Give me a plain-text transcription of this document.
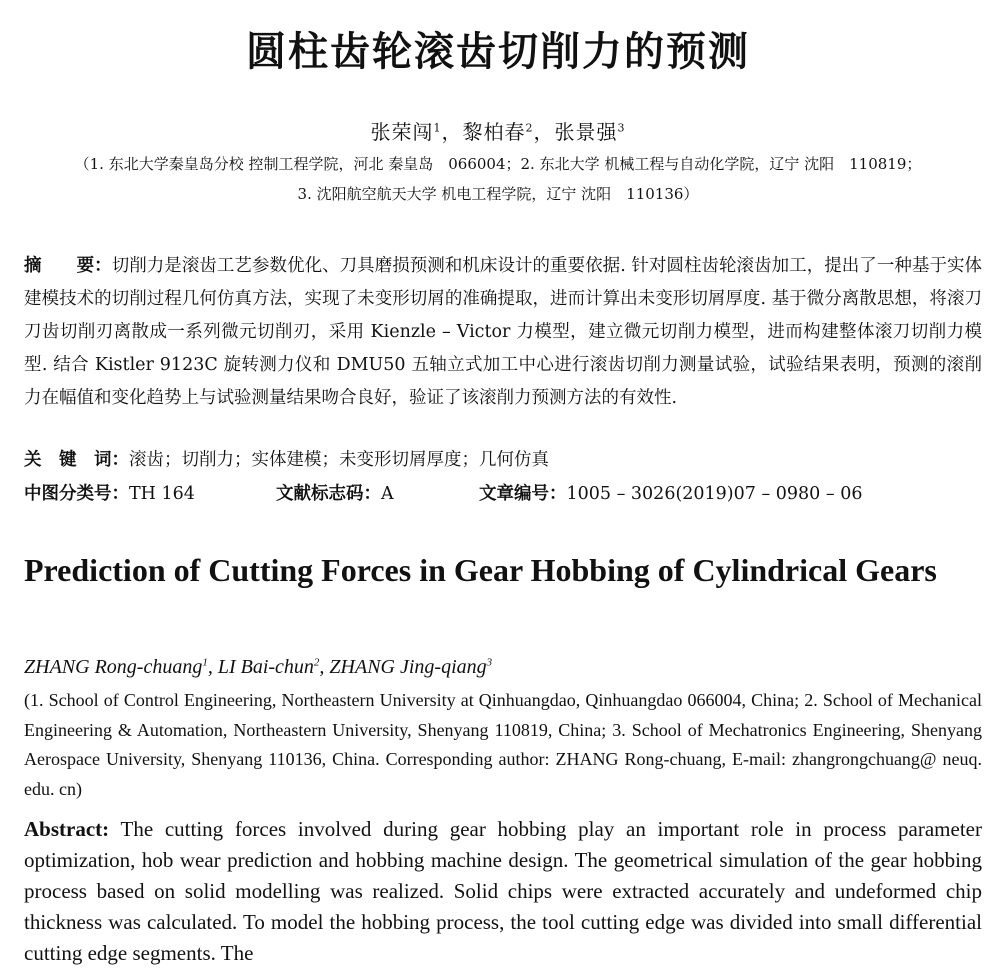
圆柱齿轮滚齿切削力的预测
张荣闯$^1$，黎柏春$^2$，张景强$^3$
（1. 东北大学秦皇岛分校 控制工程学院，河北 秦皇岛　066004；2. 东北大学 机械工程与自动化学院，辽宁 沈阳　110819；
3. 沈阳航空航天大学 机电工程学院，辽宁 沈阳　110136）
摘　　要：切削力是滚齿工艺参数优化、刀具磨损预测和机床设计的重要依据. 针对圆柱齿轮滚齿加工，提出了一种基于实体建模技术的切削过程几何仿真方法，实现了未变形切屑的准确提取，进而计算出未变形切屑厚度. 基于微分离散思想，将滚刀刀齿切削刃离散成一系列微元切削刃，采用 Kienzle – Victor 力模型，建立微元切削力模型，进而构建整体滚刀切削力模型. 结合 Kistler 9123C 旋转测力仪和 DMU50 五轴立式加工中心进行滚齿切削力测量试验，试验结果表明，预测的滚削力在幅值和变化趋势上与试验测量结果吻合良好，验证了该滚削力预测方法的有效性.
关　键　词：滚齿；切削力；实体建模；未变形切屑厚度；几何仿真
中图分类号：TH 164	文献标志码：A	文章编号：1005 – 3026(2019)07 – 0980 – 06
Prediction of Cutting Forces in Gear Hobbing of Cylindrical Gears
ZHANG Rong-chuang$^1$, LI Bai-chun$^2$, ZHANG Jing-qiang$^3$
(1. School of Control Engineering, Northeastern University at Qinhuangdao, Qinhuangdao 066004, China; 2. School of Mechanical Engineering & Automation, Northeastern University, Shenyang 110819, China; 3. School of Mechatronics Engineering, Shenyang Aerospace University, Shenyang 110136, China. Corresponding author: ZHANG Rong-chuang, E-mail: zhangrongchuang@ neuq. edu. cn)
Abstract: The cutting forces involved during gear hobbing play an important role in process parameter optimization, hob wear prediction and hobbing machine design. The geometrical simulation of the gear hobbing process based on solid modelling was realized. Solid chips were extracted accurately and undeformed chip thickness was calculated. To model the hobbing process, the tool cutting edge was divided into small differential cutting edge segments. The
